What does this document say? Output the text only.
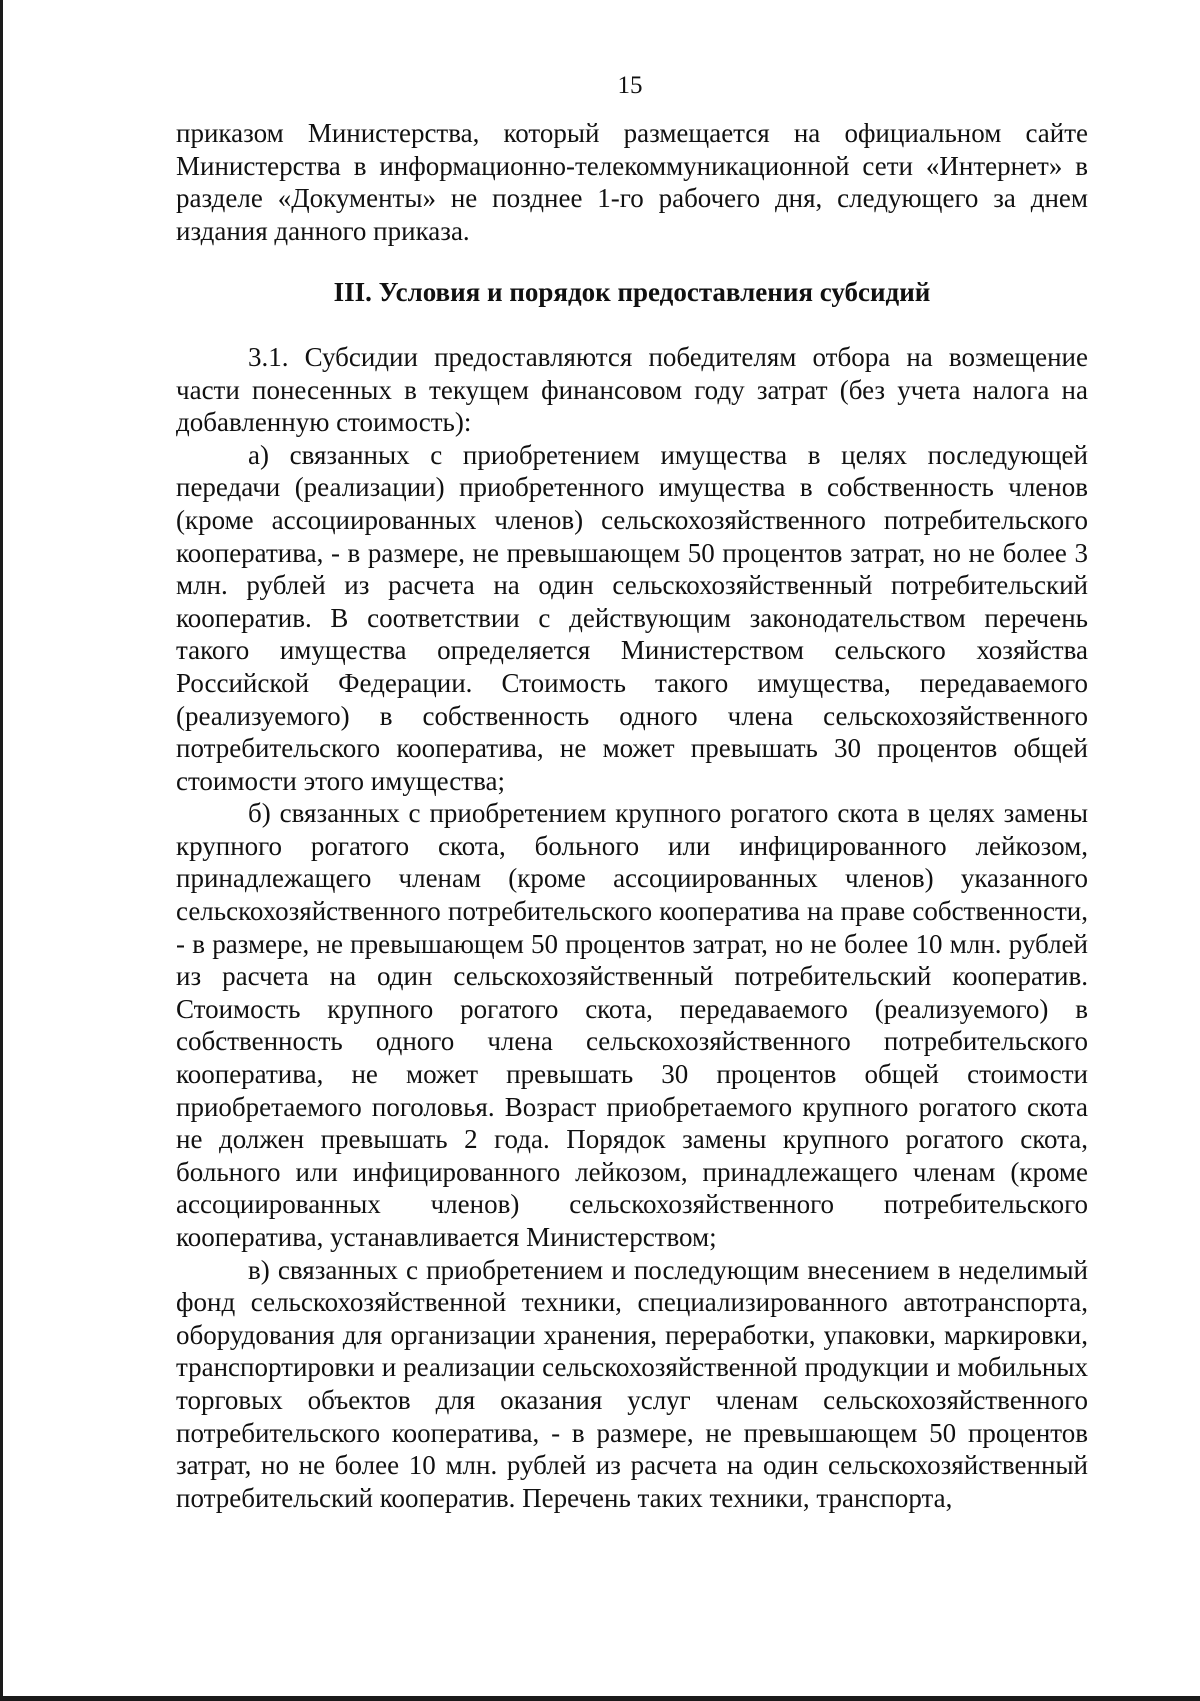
15

приказом Министерства, который размещается на официальном сайте Министерства в информационно-телекоммуникационной сети «Интернет» в разделе «Документы» не позднее 1-го рабочего дня, следующего за днем издания данного приказа.

III. Условия и порядок предоставления субсидий

3.1. Субсидии предоставляются победителям отбора на возмещение части понесенных в текущем финансовом году затрат (без учета налога на добавленную стоимость):

а) связанных с приобретением имущества в целях последующей передачи (реализации) приобретенного имущества в собственность членов (кроме ассоциированных членов) сельскохозяйственного потребительского кооператива, - в размере, не превышающем 50 процентов затрат, но не более 3 млн. рублей из расчета на один сельскохозяйственный потребительский кооператив. В соответствии с действующим законодательством перечень такого имущества определяется Министерством сельского хозяйства Российской Федерации. Стоимость такого имущества, передаваемого (реализуемого) в собственность одного члена сельскохозяйственного потребительского кооператива, не может превышать 30 процентов общей стоимости этого имущества;

б) связанных с приобретением крупного рогатого скота в целях замены крупного рогатого скота, больного или инфицированного лейкозом, принадлежащего членам (кроме ассоциированных членов) указанного сельскохозяйственного потребительского кооператива на праве собственности, - в размере, не превышающем 50 процентов затрат, но не более 10 млн. рублей из расчета на один сельскохозяйственный потребительский кооператив. Стоимость крупного рогатого скота, передаваемого (реализуемого) в собственность одного члена сельскохозяйственного потребительского кооператива, не может превышать 30 процентов общей стоимости приобретаемого поголовья. Возраст приобретаемого крупного рогатого скота не должен превышать 2 года. Порядок замены крупного рогатого скота, больного или инфицированного лейкозом, принадлежащего членам (кроме ассоциированных членов) сельскохозяйственного потребительского кооператива, устанавливается Министерством;

в) связанных с приобретением и последующим внесением в неделимый фонд сельскохозяйственной техники, специализированного автотранспорта, оборудования для организации хранения, переработки, упаковки, маркировки, транспортировки и реализации сельскохозяйственной продукции и мобильных торговых объектов для оказания услуг членам сельскохозяйственного потребительского кооператива, - в размере, не превышающем 50 процентов затрат, но не более 10 млн. рублей из расчета на один сельскохозяйственный потребительский кооператив. Перечень таких техники, транспорта,
